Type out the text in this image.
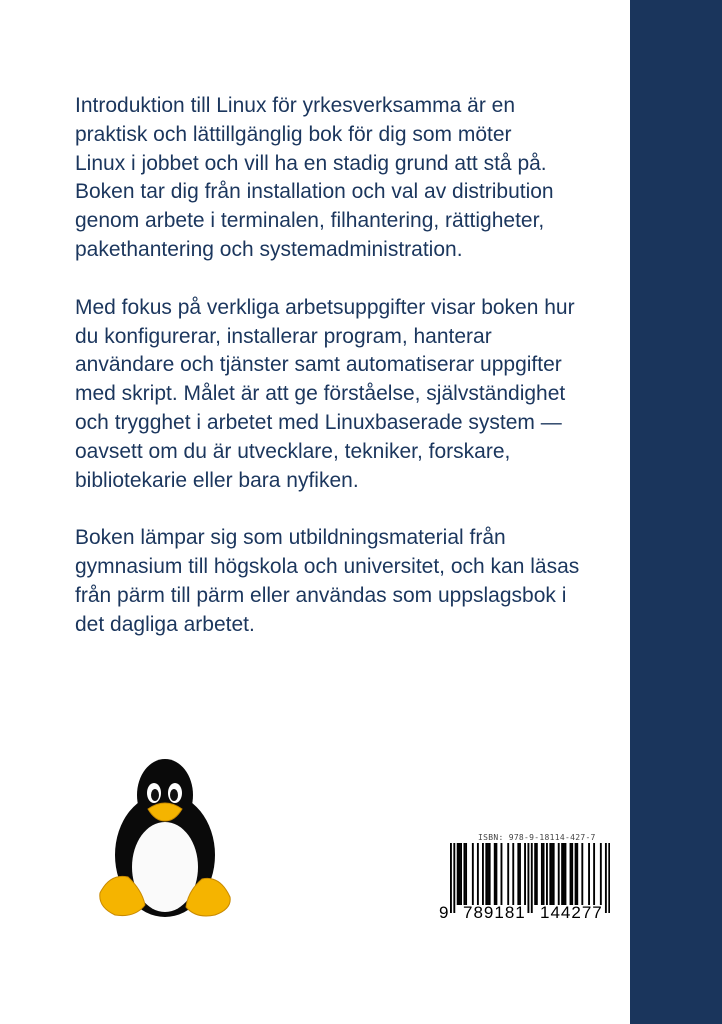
Introduktion till Linux för yrkesverksamma är en
praktisk och lättillgänglig bok för dig som möter
Linux i jobbet och vill ha en stadig grund att stå på.
Boken tar dig från installation och val av distribution
genom arbete i terminalen, filhantering, rättigheter,
pakethantering och systemadministration.

Med fokus på verkliga arbetsuppgifter visar boken hur
du konfigurerar, installerar program, hanterar
användare och tjänster samt automatiserar uppgifter
med skript. Målet är att ge förståelse, självständighet
och trygghet i arbetet med Linuxbaserade system —
oavsett om du är utvecklare, tekniker, forskare,
bibliotekarie eller bara nyfiken.

Boken lämpar sig som utbildningsmaterial från
gymnasium till högskola och universitet, och kan läsas
från pärm till pärm eller användas som uppslagsbok i
det dagliga arbetet.

ISBN: 978-9-18114-427-7
9 789181 144277
